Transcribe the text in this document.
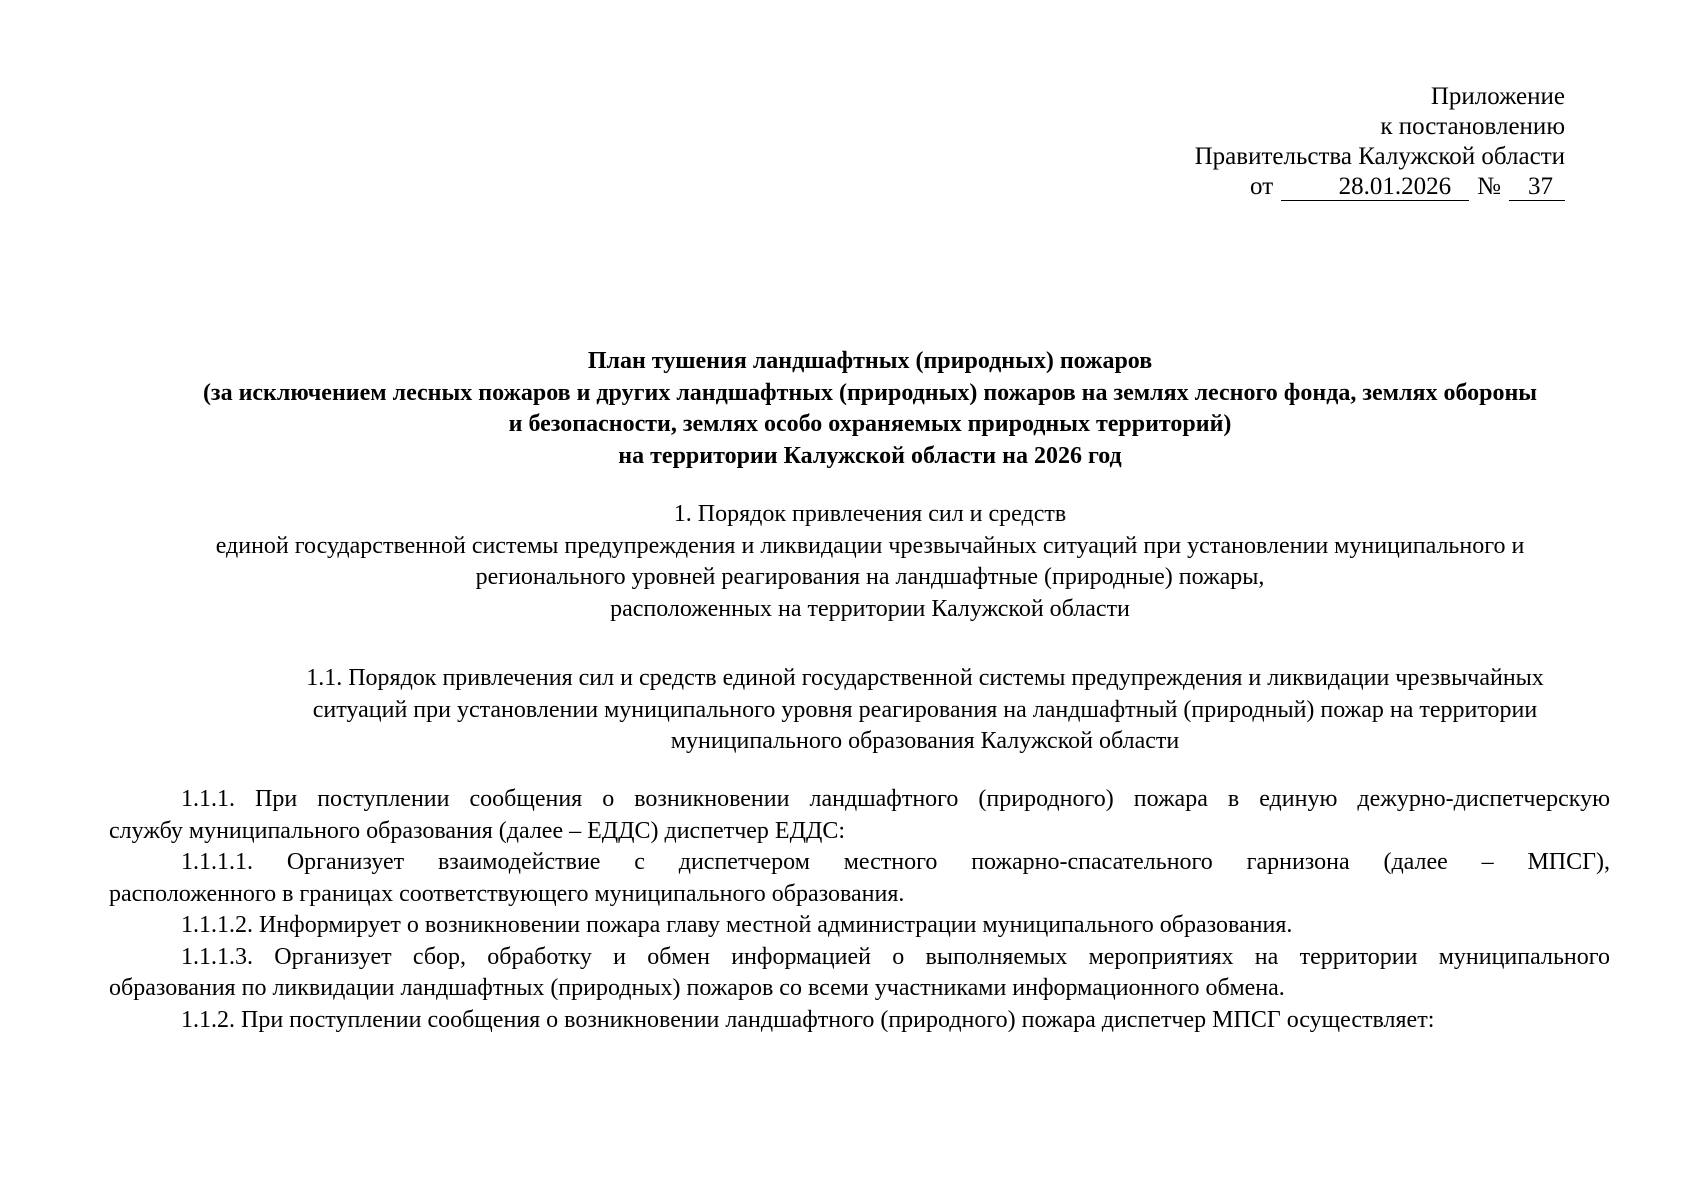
Приложение
к постановлению
Правительства Калужской области
от	28.01.2026	№	37
План тушения ландшафтных (природных) пожаров
(за исключением лесных пожаров и других ландшафтных (природных) пожаров на землях лесного фонда, землях обороны
и безопасности, землях особо охраняемых природных территорий)
на территории Калужской области на 2026 год
1. Порядок привлечения сил и средств
единой государственной системы предупреждения и ликвидации чрезвычайных ситуаций при установлении муниципального и
регионального уровней реагирования на ландшафтные (природные) пожары,
расположенных на территории Калужской области
1.1. Порядок привлечения сил и средств единой государственной системы предупреждения и ликвидации чрезвычайных
ситуаций при установлении муниципального уровня реагирования на ландшафтный (природный) пожар на территории
муниципального образования Калужской области
1.1.1. При поступлении сообщения о возникновении ландшафтного (природного) пожара в единую дежурно-диспетчерскую
службу муниципального образования (далее – ЕДДС) диспетчер ЕДДС:
1.1.1.1. Организует взаимодействие с диспетчером местного пожарно-спасательного гарнизона (далее – МПСГ),
расположенного в границах соответствующего муниципального образования.
1.1.1.2. Информирует о возникновении пожара главу местной администрации муниципального образования.
1.1.1.3. Организует сбор, обработку и обмен информацией о выполняемых мероприятиях на территории муниципального
образования по ликвидации ландшафтных (природных) пожаров со всеми участниками информационного обмена.
1.1.2. При поступлении сообщения о возникновении ландшафтного (природного) пожара диспетчер МПСГ осуществляет:
